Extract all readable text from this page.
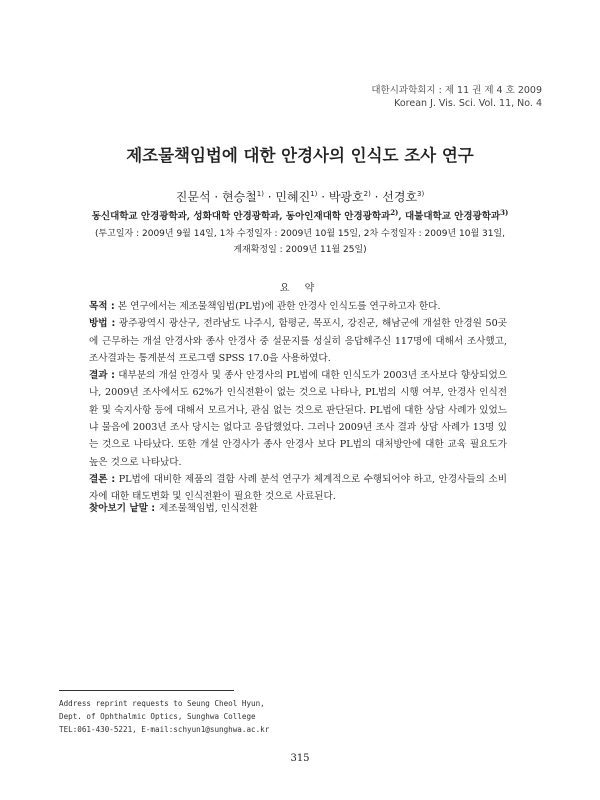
대한시과학회지 : 제 11 권 제 4 호 2009
Korean J. Vis. Sci. Vol. 11, No. 4
제조물책임법에 대한 안경사의 인식도 조사 연구
진문석 · 현승철$^{1)}$ · 민혜진$^{1)}$ · 박광호$^{2)}$ · 선경호$^{3)}$
동신대학교 안경광학과, 성화대학 안경광학과, 동아인재대학 안경광학과$^{2)}$, 대불대학교 안경광학과$^{3)}$
(투고일자 : 2009년 9월 14일, 1차 수정일자 : 2009년 10월 15일, 2차 수정일자 : 2009년 10월 31일,
게재확정일 : 2009년 11월 25일)
요 약

목적 : 본 연구에서는 제조물책임법(PL법)에 관한 안경사 인식도를 연구하고자 한다.

방법 : 광주광역시 광산구, 전라남도 나주시, 함평군, 목포시, 강진군, 해남군에 개설한 안경원 50곳에 근무하는 개설 안경사와 종사 안경사 중 설문지를 성실히 응답해주신 117명에 대해서 조사했고, 조사결과는 통계분석 프로그램 SPSS 17.0을 사용하였다.

결과 : 대부분의 개설 안경사 및 종사 안경사의 PL법에 대한 인식도가 2003년 조사보다 향상되었으나, 2009년 조사에서도 62%가 인식전환이 없는 것으로 나타나, PL법의 시행 여부, 안경사 인식전환 및 숙지사항 등에 대해서 모르거나, 관심 없는 것으로 판단된다. PL법에 대한 상담 사례가 있었느냐 물음에 2003년 조사 당시는 없다고 응답했었다. 그러나 2009년 조사 결과 상담 사례가 13명 있는 것으로 나타났다. 또한 개설 안경사가 종사 안경사 보다 PL법의 대처방안에 대한 교육 필요도가 높은 것으로 나타났다.

결론 : PL법에 대비한 제품의 결함 사례 분석 연구가 체계적으로 수행되어야 하고, 안경사들의 소비자에 대한 태도변화 및 인식전환이 필요한 것으로 사료된다.

찾아보기 낱말 : 제조물책임법, 인식전환
Address reprint requests to Seung Cheol Hyun,
Dept. of Ophthalmic Optics, Sunghwa College
TEL:061-430-5221, E-mail:schyun1@sunghwa.ac.kr
315
